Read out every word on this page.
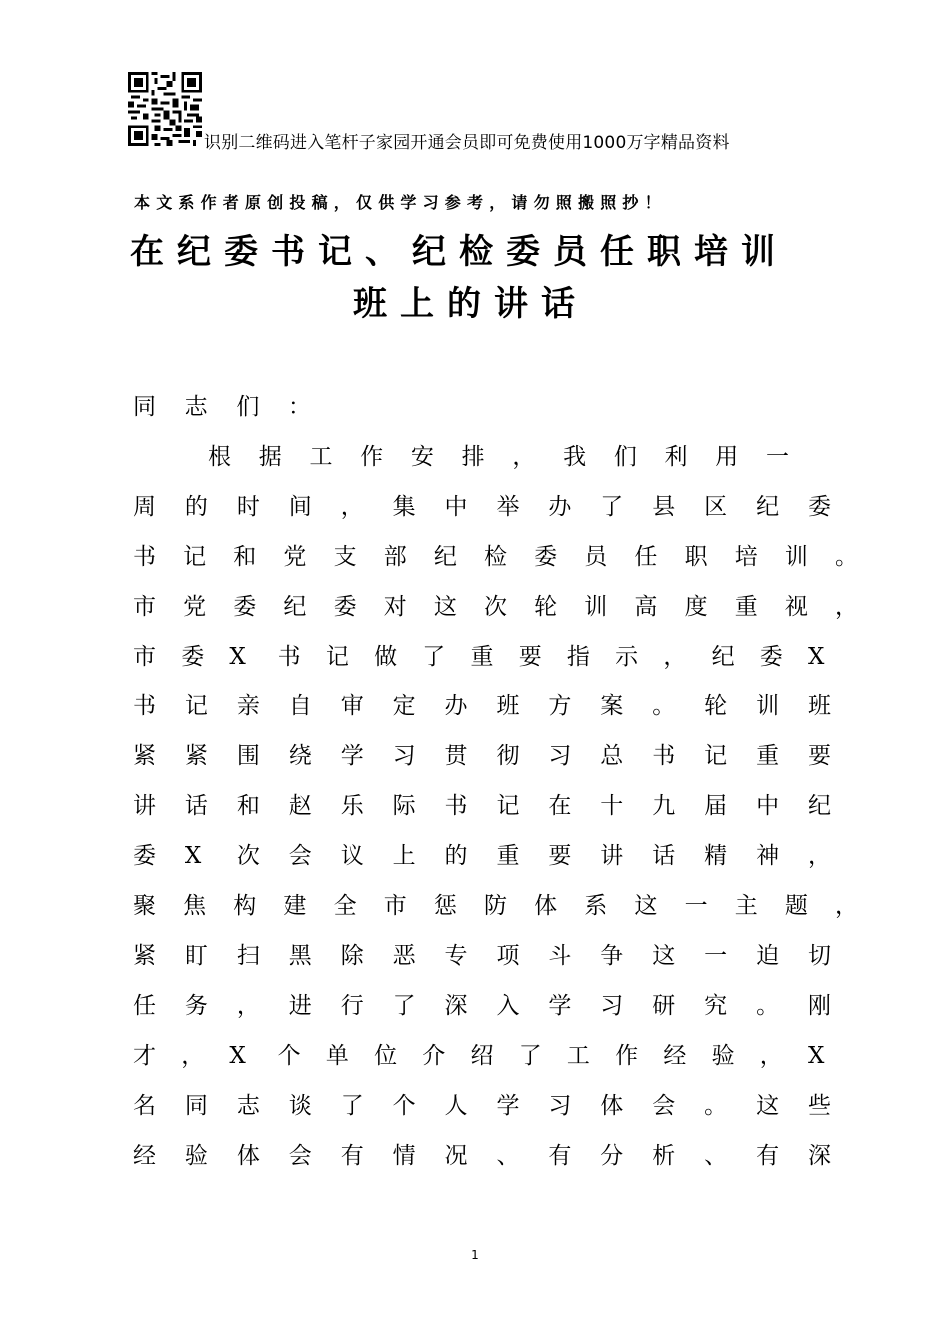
识别二维码进入笔杆子家园开通会员即可免费使用1000万字精品资料
本文系作者原创投稿，仅供学习参考，请勿照搬照抄！
在纪委书记、纪检委员任职培训
班上的讲话
同 志 们 ：
根 据 工 作 安 排 ， 我 们 利 用 一
周 的 时 间 ， 集 中 举 办 了 县 区 纪 委
书 记 和 党 支 部 纪 检 委 员 任 职 培 训 。
市 党 委 纪 委 对 这 次 轮 训 高 度 重 视 ，
市 委 X 书 记 做 了 重 要 指 示 ， 纪 委 X
书 记 亲 自 审 定 办 班 方 案 。 轮 训 班
紧 紧 围 绕 学 习 贯 彻 习 总 书 记 重 要
讲 话 和 赵 乐 际 书 记 在 十 九 届 中 纪
委 X 次 会 议 上 的 重 要 讲 话 精 神 ，
聚 焦 构 建 全 市 惩 防 体 系 这 一 主 题 ，
紧 盯 扫 黑 除 恶 专 项 斗 争 这 一 迫 切
任 务 ， 进 行 了 深 入 学 习 研 究 。 刚
才 ， X 个 单 位 介 绍 了 工 作 经 验 ， X
名 同 志 谈 了 个 人 学 习 体 会 。 这 些
经 验 体 会 有 情 况 、 有 分 析 、 有 深
1
